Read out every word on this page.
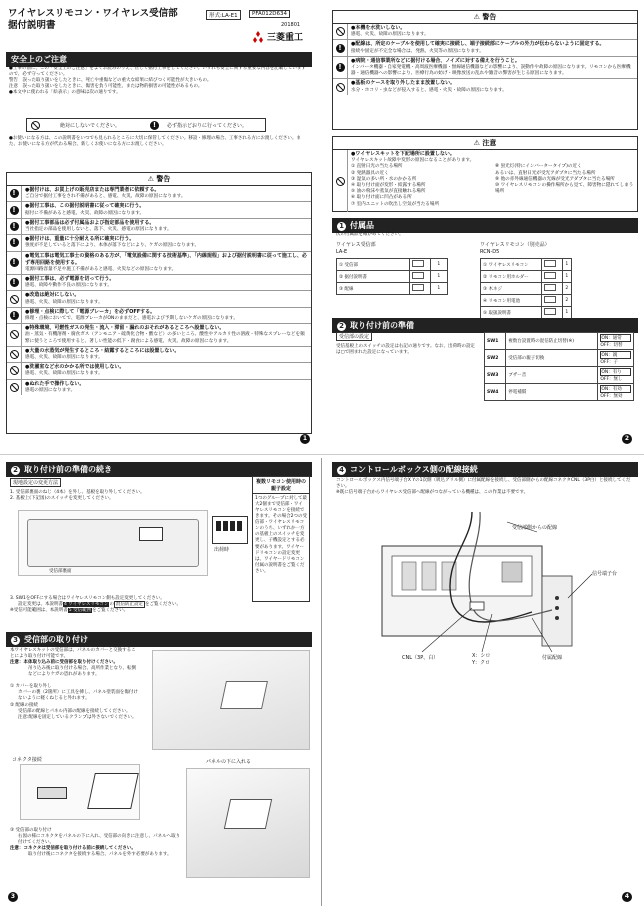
ワイヤレスリモコン・ワイヤレス受信部
据付説明書
形式:LA-E1	PFA012D634
201801
三菱重工
安全上のご注意
●工事の前に、この「安全上のご注意」をよくお読みのうえ、正しく据付工事をしてください。いずれも安全に関する重要な内容を記載していますので、必ず守ってください。
警告　誤った取り扱いをしたときに、死亡や重傷などの重大な結果に結びつく可能性が大きいもの。
注意　誤った取り扱いをしたときに、傷害を負う可能性、または物的損害の可能性があるもの。
●本文中に使われる「絵表示」の意味は次の通りです。
絶対にしないでください。	!	必ず指示どおりに行ってください。
●お使いになる方は、この説明書をいつでも見られるところに大切に保管してください。移設・修理の場合、工事される方にお渡しください。また、お使いになる方が代わる場合、新しくお使いになる方にお渡しください。
⚠ 警告
!	●据付けは、お買上げの販売店または専門業者に依頼する。
ご自分で据付工事をされ不備があると、感電、火災、故障の原因になります。
!	●据付工事は、この据付説明書に従って確実に行う。
据付に不備があると感電、火災、故障の原因になります。
!	●据付工事部品は必ず付属品および指定部品を使用する。
当社指定の部品を使用しないと、落下、火災、感電の原因になります。
!	●据付けは、重量に十分耐える所に確実に行う。
強度が不足していると落下により、本体が落下などにより、ケガの原因になります。
!
●電気工事は電気工事士の資格のある方が、「電気設備に関する技術基準」、「内線規程」および据付説明書に従って施工し、必ず専用回路を使用する。
電源回路容量不足や施工不備があると感電、火災などの原因になります。
!	●据付工事は、必ず電源を切って行う。
感電、故障や動作不良の原因になります。
●改造は絶対にしない。
感電、火災、故障の原因になります。
!	●修理・点検に際して「電源ブレーカ」を必ずOFFする。
修理・点検においてで、電源ブレーカがONのままだと、感電および予期しないケガの原因になります。
●特殊環境、可燃性ガスの発生・流入・滞留・漏れのおそれがあるところへ設置しない。
油・蒸気・有機溶剤・腐食ガス（アンモニア・硫黄化合物・酸など）の多いところ、酸性やアルカリ性の溶液・特殊なスプレーなどを頻繁に使うところで使用すると、著しい性能の低下・腐食による感電、火災、故障の原因になります。
●大量の水蒸気が発生するところ・結露するところには設置しない。
感電、火災、故障の原因になります。
●洗濯室など水のかかる所では使用しない。
感電、火災、故障の原因になります。
●ぬれた手で操作しない。
感電の原因になります。
1
⚠ 警告
●本機を水洗いしない。
感電、火災、故障の原因になります。
!	●配線は、所定のケーブルを使用して確実に接続し、端子接続部にケーブルの外力が伝わらないように固定する。
接続や固定が不完全な場合は、発熱、火災等の原因になります。
!
●病院・通信事業所などに据付ける場合、ノイズに対する備えを行うこと。
インバータ機器・自家発電機・高周波医療機器・無線通信機器などの影響により、誤動作や故障の原因になります。リモコンから医療機器・通信機器への影響により、医療行為の妨げ・映像放送の乱れや雑音の弊害が生じる原因になります。
●基板のケースを取り外したまま放置しない。
水分・ホコリ・虫などが侵入すると、感電・火災・故障の原因になります。
⚠ 注意
●ワイヤレスキットを下記場所に設置しない。
ワイヤレスキット故障や変形の原因になることがあります。
① 直射日光の当たる場所
② 発熱器具の近く
③ 湿気の多い所・水のかかる所
④ 取り付け面が変形・結露する場所
⑤ 油の飛沫や蒸気が直接触れる場所
⑥ 取り付け面に凹凸がある所
⑦ 室内ユニットの吹出し空気が当たる場所
⑧ 蛍光灯(特にインバータータイプ)の近く
あるいは、直射日光が受光アダプタに当たる場所
⑨ 他の赤外線通信機器の光線が受光アダプタに当たる場所
⑩ ワイヤレスリモコンの操作場所から見て、障害物に隠れてしまう場所
1 付属品
次の付属品を確かめてください。
ワイヤレス受信部
LA-E
① 受信部		1
② 据付説明書		1
③ 配線		1
ワイヤレスリモコン（別売品）
RCN-D5
① ワイヤレスリモコン		1
② リモコン用ホルダー		1
③ 木ネジ		2
④ リモコン用電池		2
⑤ 取扱説明書		1
2 取り付け前の準備
受信部の設定
受信基板上のスイッチの設定は右記の通りです。なお、出荷時の設定は▢で囲まれた設定になっています。
SW1	複数台設置時の混信防止切替(※)	ON：通常
OFF：切替

SW2	受信部の親子切換	ON：親
OFF：子

SW3	ブザー音	ON：有り
OFF：無し

SW4	停電補償	ON：有効
OFF：無効
2
2 取り付け前の準備の続き
現地設定の変更方法
1. 受信部裏面のねじ（4本）を外し、基板を取り外してください。
2. 基板上(下記図)のスイッチを変更してください。
受信部裏面
出荷時
複数リモコン使用時の親子設定
1つのグループに対して最大2個まで受信部・ワイヤレスリモコンを接続できます。その場合2つの受信部・ワイヤレスリモコンのうち、いずれか一方の基板上のスイッチを変更し、子機設定とする必要があります。ワイヤードリモコンの設定変更は、ワイヤードリモコン付属の説明書をご覧ください。
3. SW1をOFFにする場合はワイヤレスリモコン側も設定変更してください。
設定変更は、本説明書4 ワイヤレスリモコンの 混信防止設定 をご覧ください。
※受信可能範囲は、本説明書5 受信範囲をご覧ください。
3 受信部の取り付け
本ワイヤレスキットの受信部は、パネルのカバーと交換することにより取り付け可能です。
注意：本体取り込み前に受信部を取り付けください。
吊り込み後に取り付ける場合、高所作業となり、転倒などによりケガの恐れがあります。
① カバーを取り外し
カバーの裏（2箇所）に工具を挿し、パネル塗装面を傷付けないように軽くねじると外れます。
② 配線の接続
受信部の配線とパネル内部の配線を接続してください。
注意:配線を固定しているクランプは外さないでください。
コネクタ接続	パネルの下に入れる
③ 受信部の取り付け
右図の様にコネクタをパネルの下に入れ、受信部の向きに注意し、パネルへ取り付けてください。
注意：コネクタは受信部を取り付ける前に接続してください。
取り付け後にコネクタを接続する場合、パネルを外す必要があります。
3
4 コントロールボックス側の配線接続
コントロールボックス内信号端子台X Yの1次側（吸込グリル側）に付属配線を接続し、受信部側からの配線コネクタCNL（3P白）と接続してください。
※既に信号端子台からワイヤレス受信部へ配線がつながっている機種は、この作業は不要です。
受信部側からの配線
信号端子台
CNL（3P、白）	X：シロ
Y：クロ
付属配線
4
